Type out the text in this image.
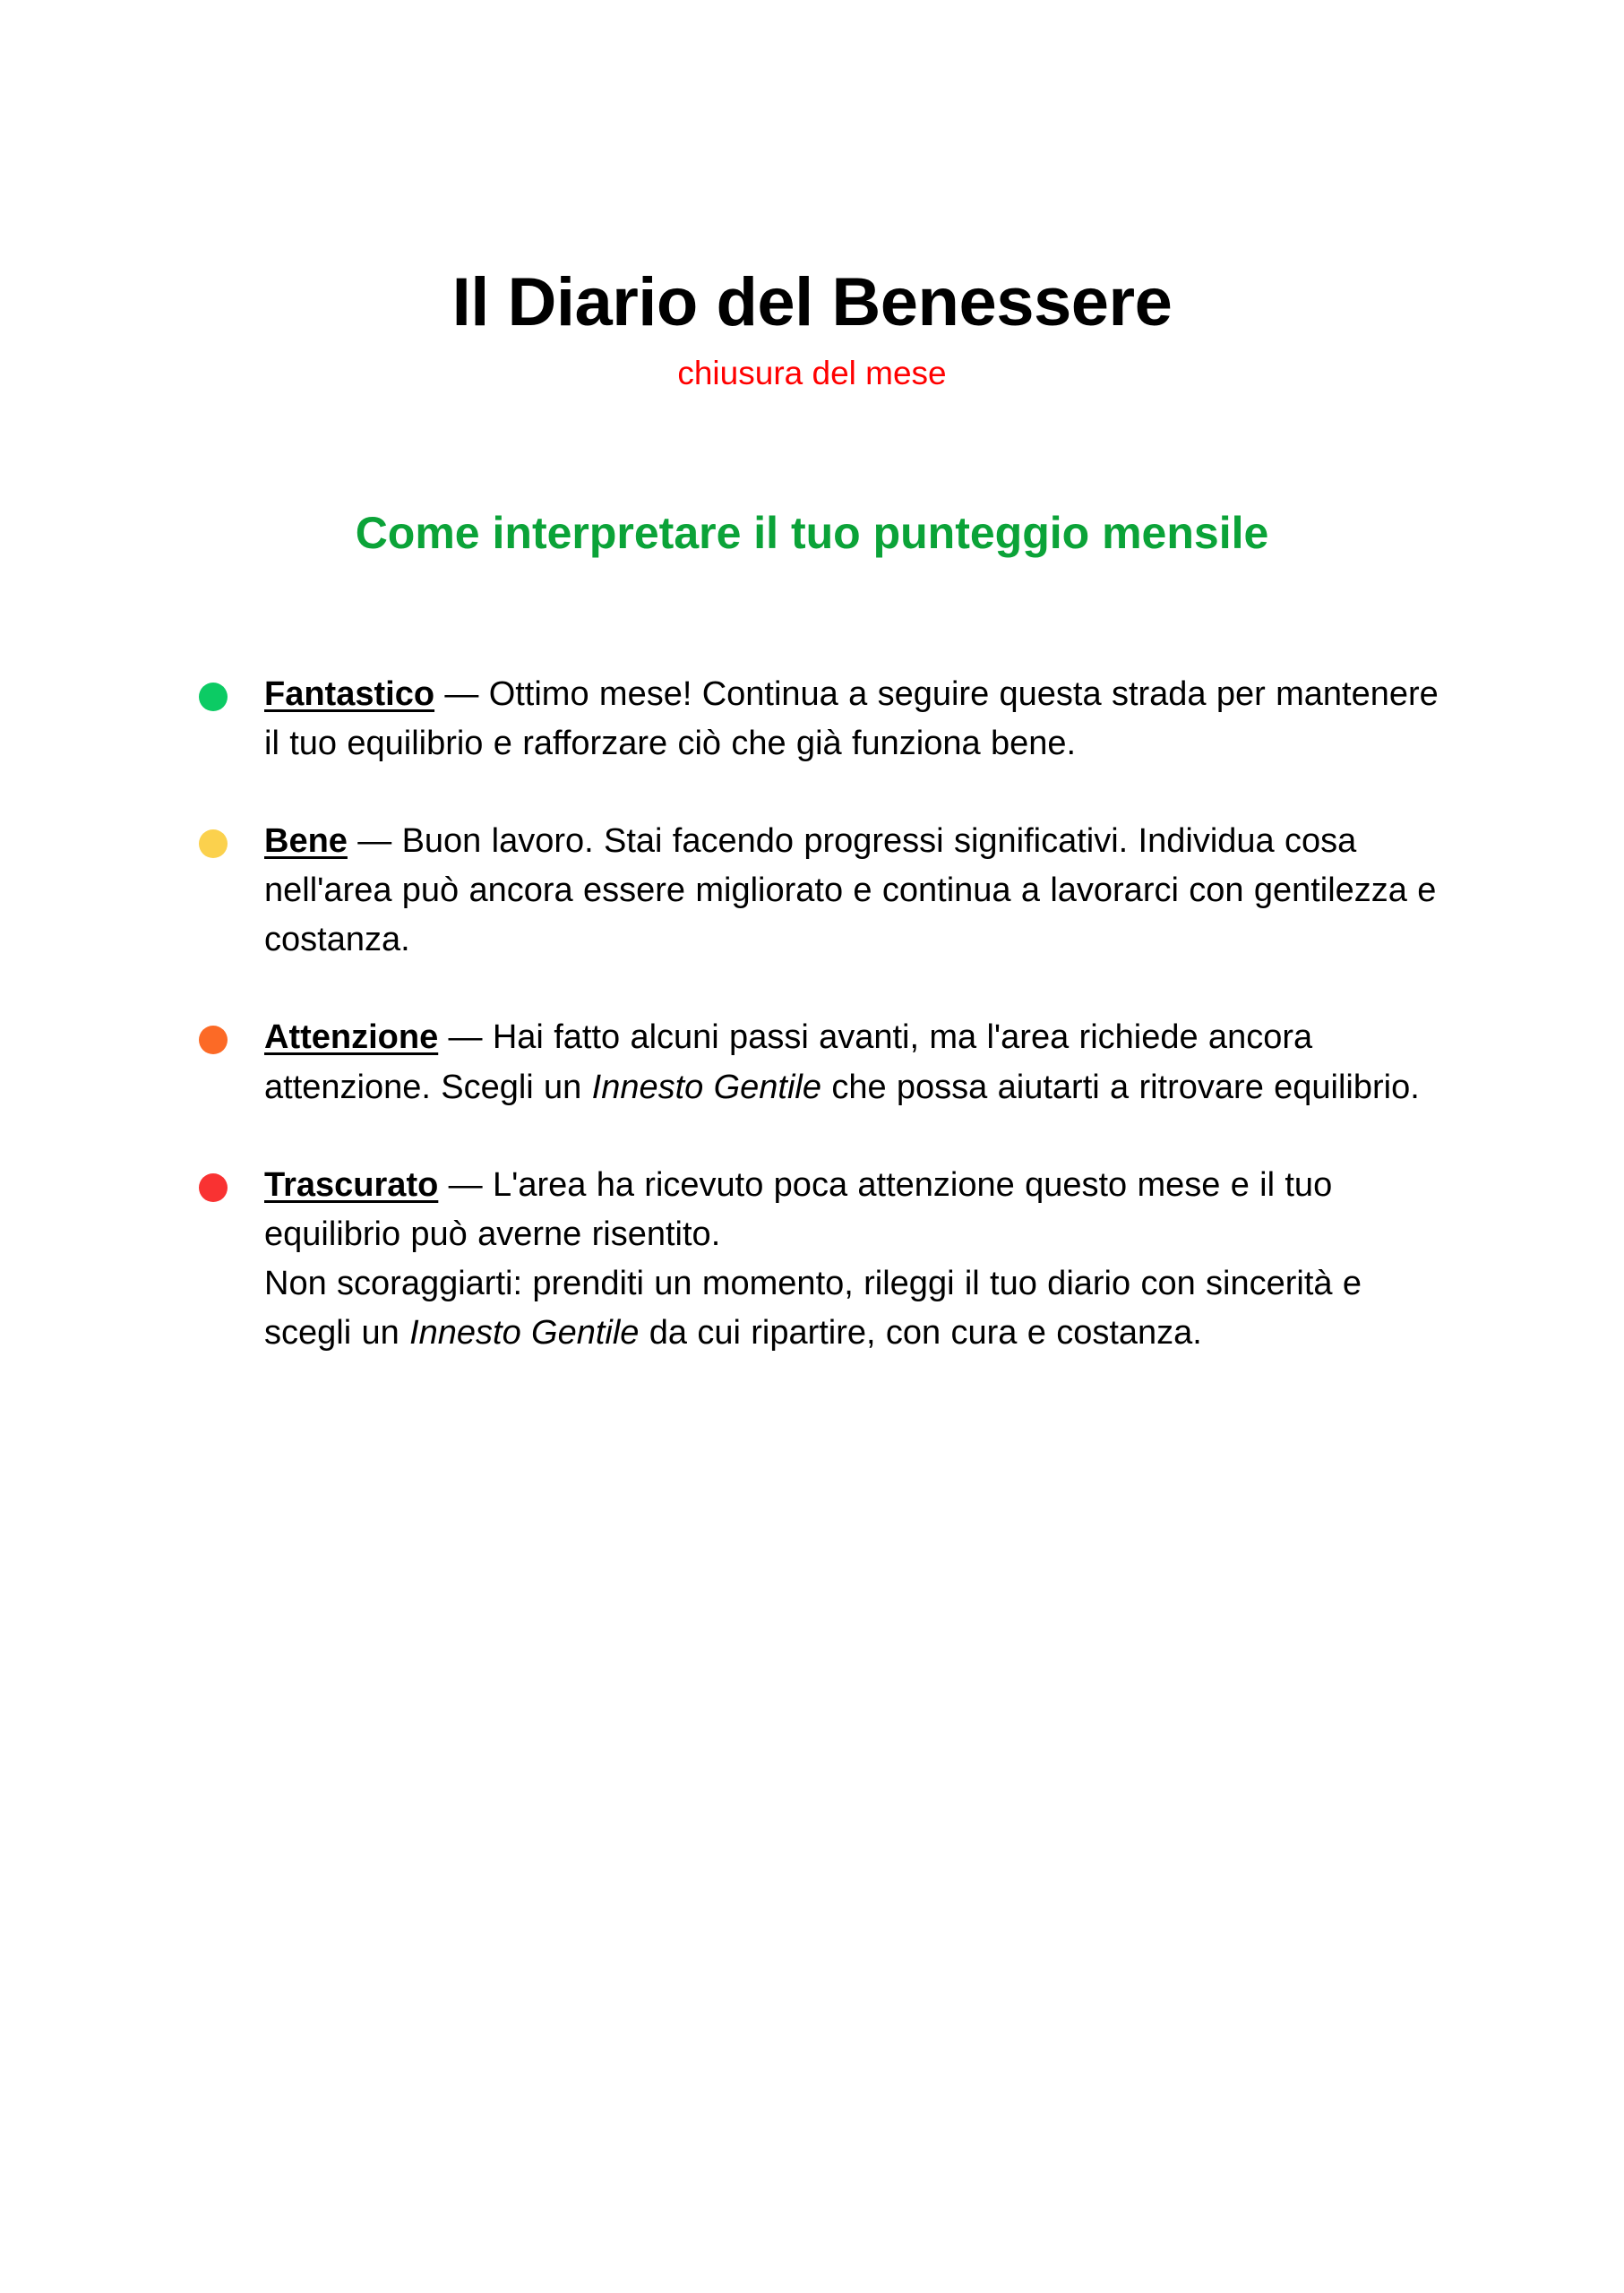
Il Diario del Benessere
chiusura del mese
Come interpretare il tuo punteggio mensile

Fantastico — Ottimo mese! Continua a seguire questa strada per mantenere il tuo equilibrio e rafforzare ciò che già funziona bene.

Bene — Buon lavoro. Stai facendo progressi significativi. Individua cosa nell'area può ancora essere migliorato e continua a lavorarci con gentilezza e costanza.

Attenzione — Hai fatto alcuni passi avanti, ma l'area richiede ancora attenzione. Scegli un Innesto Gentile che possa aiutarti a ritrovare equilibrio.

Trascurato — L'area ha ricevuto poca attenzione questo mese e il tuo equilibrio può averne risentito.

Non scoraggiarti: prenditi un momento, rileggi il tuo diario con sincerità e scegli un Innesto Gentile da cui ripartire, con cura e costanza.
